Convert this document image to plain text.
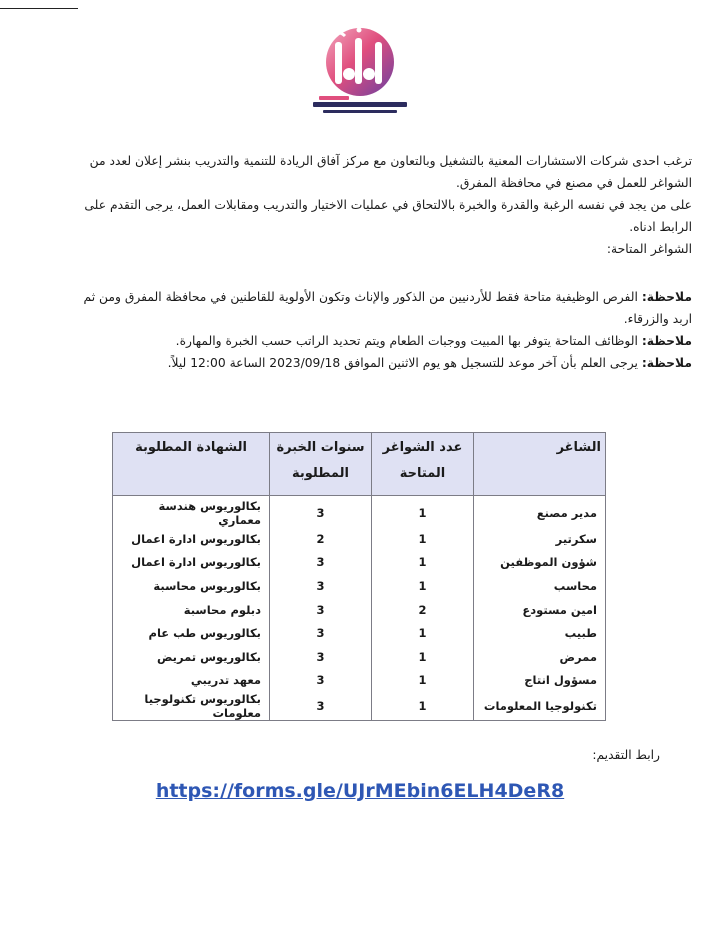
ترغب احدى شركات الاستشارات المعنية بالتشغيل وبالتعاون مع مركز آفاق الريادة للتنمية والتدريب بنشر إعلان لعدد من

الشواغر للعمل في مصنع في محافظة المفرق.

على من يجد في نفسه الرغبة والقدرة والخبرة بالالتحاق في عمليات الاختيار والتدريب ومقابلات العمل، يرجى التقدم على

الرابط ادناه.

الشواغر المتاحة:

ملاحظة: الفرص الوظيفية متاحة فقط للأردنيين من الذكور والإناث وتكون الأولوية للقاطنين في محافظة المفرق ومن ثم اربد والزرقاء.

ملاحظة: الوظائف المتاحة يتوفر بها المبيت ووجبات الطعام ويتم تحديد الراتب حسب الخبرة والمهارة.

ملاحظة: يرجى العلم بأن آخر موعد للتسجيل هو يوم الاثنين الموافق 2023/09/18 الساعة 12:00 ليلاً.

الشاغر	عدد الشواغر المتاحة	سنوات الخبرة المطلوبة	الشهادة المطلوبة
مدير مصنع	1	3	بكالوريوس هندسة معماري
سكرتير	1	2	بكالوريوس ادارة اعمال
شؤون الموظفين	1	3	بكالوريوس ادارة اعمال
محاسب	1	3	بكالوريوس محاسبة
امين مستودع	2	3	دبلوم محاسبة
طبيب	1	3	بكالوريوس طب عام
ممرض	1	3	بكالوريوس تمريض
مسؤول انتاج	1	3	معهد تدريبي
تكنولوجيا المعلومات	1	3	بكالوريوس تكنولوجيا معلومات
رابط التقديم:
https://forms.gle/UJrMEbin6ELH4DeR8
